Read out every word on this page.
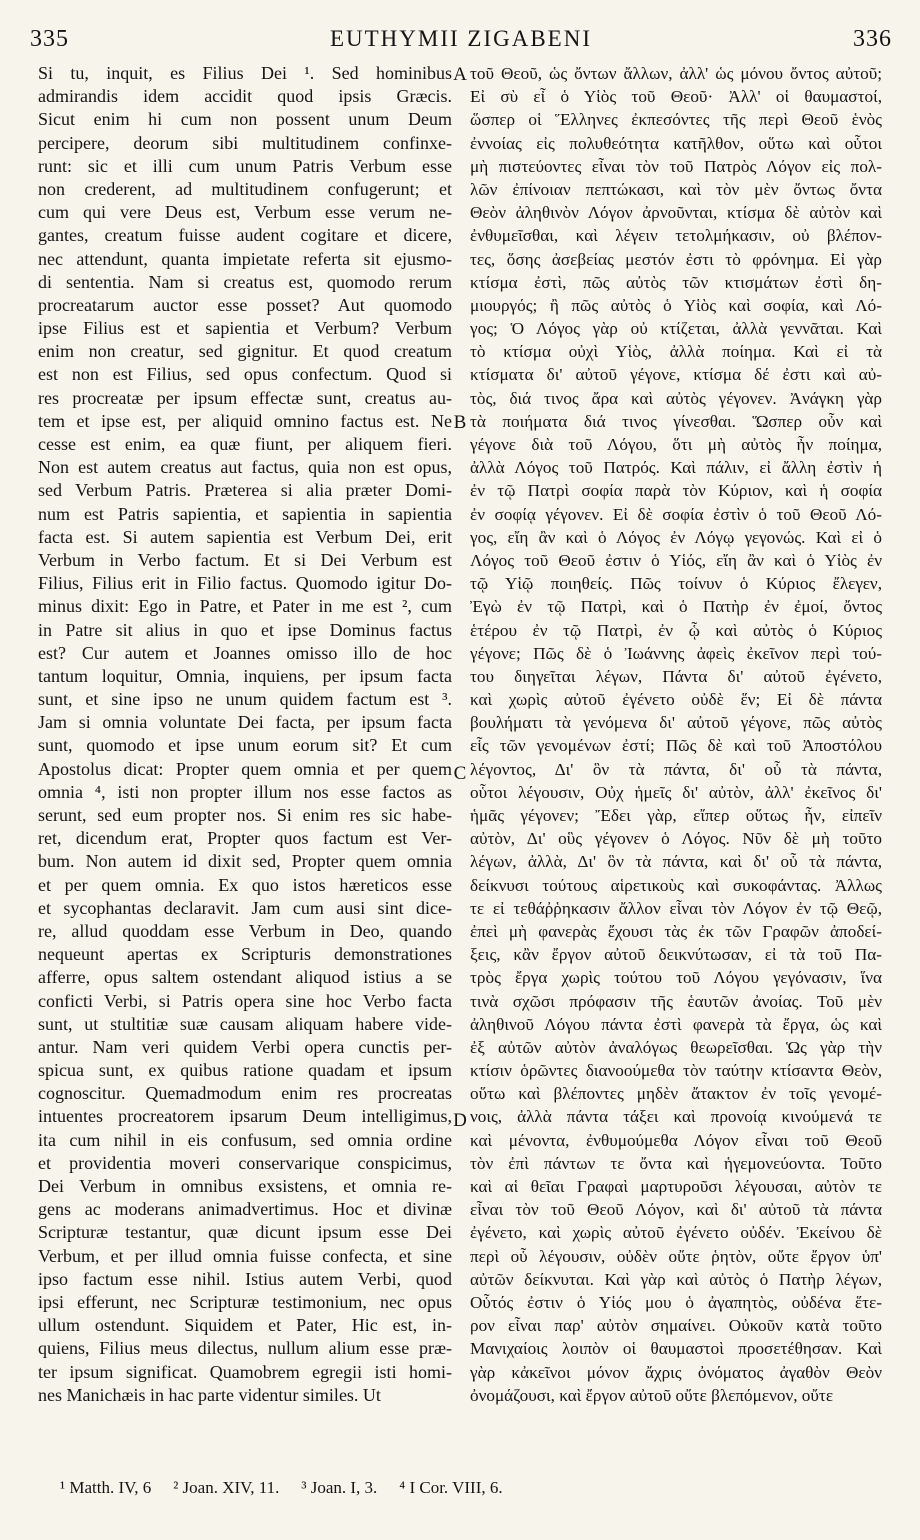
335	EUTHYMII ZIGABENI	336
Si tu, inquit, es Filius Dei ¹. Sed hominibus
admirandis idem accidit quod ipsis Græcis.
Sicut enim hi cum non possent unum Deum
percipere, deorum sibi multitudinem confinxe-
runt: sic et illi cum unum Patris Verbum esse
non crederent, ad multitudinem confugerunt; et
cum qui vere Deus est, Verbum esse verum ne-
gantes, creatum fuisse audent cogitare et dicere,
nec attendunt, quanta impietate referta sit ejusmo-
di sententia. Nam si creatus est, quomodo rerum
procreatarum auctor esse posset? Aut quomodo
ipse Filius est et sapientia et Verbum? Verbum
enim non creatur, sed gignitur. Et quod creatum
est non est Filius, sed opus confectum. Quod si
res procreatæ per ipsum effectæ sunt, creatus au-
tem et ipse est, per aliquid omnino factus est. Ne
cesse est enim, ea quæ fiunt, per aliquem fieri.
Non est autem creatus aut factus, quia non est opus,
sed Verbum Patris. Præterea si alia præter Domi-
num est Patris sapientia, et sapientia in sapientia
facta est. Si autem sapientia est Verbum Dei, erit
Verbum in Verbo factum. Et si Dei Verbum est
Filius, Filius erit in Filio factus. Quomodo igitur Do-
minus dixit: Ego in Patre, et Pater in me est ², cum
in Patre sit alius in quo et ipse Dominus factus
est? Cur autem et Joannes omisso illo de hoc
tantum loquitur, Omnia, inquiens, per ipsum facta
sunt, et sine ipso ne unum quidem factum est ³.
Jam si omnia voluntate Dei facta, per ipsum facta
sunt, quomodo et ipse unum eorum sit? Et cum
Apostolus dicat: Propter quem omnia et per quem
omnia ⁴, isti non propter illum nos esse factos as
serunt, sed eum propter nos. Si enim res sic habe-
ret, dicendum erat, Propter quos factum est Ver-
bum. Non autem id dixit sed, Propter quem omnia
et per quem omnia. Ex quo istos hæreticos esse
et sycophantas declaravit. Jam cum ausi sint dice-
re, allud quoddam esse Verbum in Deo, quando
nequeunt apertas ex Scripturis demonstrationes
afferre, opus saltem ostendant aliquod istius a se
conficti Verbi, si Patris opera sine hoc Verbo facta
sunt, ut stultitiæ suæ causam aliquam habere vide-
antur. Nam veri quidem Verbi opera cunctis per-
spicua sunt, ex quibus ratione quadam et ipsum
cognoscitur. Quemadmodum enim res procreatas
intuentes procreatorem ipsarum Deum intelligimus,
ita cum nihil in eis confusum, sed omnia ordine
et providentia moveri conservarique conspicimus,
Dei Verbum in omnibus exsistens, et omnia re-
gens ac moderans animadvertimus. Hoc et divinæ
Scripturæ testantur, quæ dicunt ipsum esse Dei
Verbum, et per illud omnia fuisse confecta, et sine
ipso factum esse nihil. Istius autem Verbi, quod
ipsi efferunt, nec Scripturæ testimonium, nec opus
ullum ostendunt. Siquidem et Pater, Hic est, in-
quiens, Filius meus dilectus, nullum alium esse præ-
ter ipsum significat. Quamobrem egregii isti homi-
nes Manichæis in hac parte videntur similes. Ut
τοῦ Θεοῦ, ὡς ὄντων ἄλλων, ἀλλ' ὡς μόνου ὄντος αὐτοῦ;
Εἰ σὺ εἶ ὁ Υἱὸς τοῦ Θεοῦ· Ἀλλ' οἱ θαυμαστοί,
ὥσπερ οἱ Ἕλληνες ἐκπεσόντες τῆς περὶ Θεοῦ ἑνὸς
ἐννοίας εἰς πολυθεότητα κατῆλθον, οὕτω καὶ οὗτοι
μὴ πιστεύοντες εἶναι τὸν τοῦ Πατρὸς Λόγον εἰς πολ-
λῶν ἐπίνοιαν πεπτώκασι, καὶ τὸν μὲν ὄντως ὄντα
Θεὸν ἀληθινὸν Λόγον ἀρνοῦνται, κτίσμα δὲ αὐτὸν καὶ
ἐνθυμεῖσθαι, καὶ λέγειν τετολμήκασιν, οὐ βλέπον-
τες, ὅσης ἀσεβείας μεστόν ἐστι τὸ φρόνημα. Εἰ γὰρ
κτίσμα ἐστὶ, πῶς αὐτὸς τῶν κτισμάτων ἐστὶ δη-
μιουργός; ἢ πῶς αὐτὸς ὁ Υἱὸς καὶ σοφία, καὶ Λό-
γος; Ὁ Λόγος γὰρ οὐ κτίζεται, ἀλλὰ γεννᾶται. Καὶ
τὸ κτίσμα οὐχὶ Υἱὸς, ἀλλὰ ποίημα. Καὶ εἰ τὰ
κτίσματα δι' αὐτοῦ γέγονε, κτίσμα δέ ἐστι καὶ αὐ-
τὸς, διά τινος ἄρα καὶ αὐτὸς γέγονεν. Ἀνάγκη γὰρ
τὰ ποιήματα διά τινος γίνεσθαι. Ὥσπερ οὖν καὶ
γέγονε διὰ τοῦ Λόγου, ὅτι μὴ αὐτὸς ἦν ποίημα,
ἀλλὰ Λόγος τοῦ Πατρός. Καὶ πάλιν, εἰ ἄλλη ἐστὶν ἡ
ἐν τῷ Πατρὶ σοφία παρὰ τὸν Κύριον, καὶ ἡ σοφία
ἐν σοφίᾳ γέγονεν. Εἰ δὲ σοφία ἐστὶν ὁ τοῦ Θεοῦ Λό-
γος, εἴη ἂν καὶ ὁ Λόγος ἐν Λόγῳ γεγονώς. Καὶ εἰ ὁ
Λόγος τοῦ Θεοῦ ἐστιν ὁ Υἱός, εἴη ἂν καὶ ὁ Υἱὸς ἐν
τῷ Υἱῷ ποιηθείς. Πῶς τοίνυν ὁ Κύριος ἔλεγεν,
Ἐγὼ ἐν τῷ Πατρὶ, καὶ ὁ Πατὴρ ἐν ἐμοί, ὄντος
ἑτέρου ἐν τῷ Πατρὶ, ἐν ᾧ καὶ αὐτὸς ὁ Κύριος
γέγονε; Πῶς δὲ ὁ Ἰωάννης ἀφεὶς ἐκεῖνον περὶ τού-
του διηγεῖται λέγων, Πάντα δι' αὐτοῦ ἐγένετο,
καὶ χωρὶς αὐτοῦ ἐγένετο οὐδὲ ἕν; Εἰ δὲ πάντα
βουλήματι τὰ γενόμενα δι' αὐτοῦ γέγονε, πῶς αὐτὸς
εἷς τῶν γενομένων ἐστί; Πῶς δὲ καὶ τοῦ Ἀποστόλου
λέγοντος, Δι' ὃν τὰ πάντα, δι' οὗ τὰ πάντα,
οὗτοι λέγουσιν, Οὐχ ἡμεῖς δι' αὐτὸν, ἀλλ' ἐκεῖνος δι'
ἡμᾶς γέγονεν; Ἔδει γὰρ, εἴπερ οὕτως ἦν, εἰπεῖν
αὐτὸν, Δι' οὓς γέγονεν ὁ Λόγος. Νῦν δὲ μὴ τοῦτο
λέγων, ἀλλὰ, Δι' ὃν τὰ πάντα, καὶ δι' οὗ τὰ πάντα,
δείκνυσι τούτους αἱρετικοὺς καὶ συκοφάντας. Ἀλλως
τε εἰ τεθάῤῥηκασιν ἄλλον εἶναι τὸν Λόγον ἐν τῷ Θεῷ,
ἐπεὶ μὴ φανερὰς ἔχουσι τὰς ἐκ τῶν Γραφῶν ἀποδεί-
ξεις, κἂν ἔργον αὐτοῦ δεικνύτωσαν, εἰ τὰ τοῦ Πα-
τρὸς ἔργα χωρὶς τούτου τοῦ Λόγου γεγόνασιν, ἵνα
τινὰ σχῶσι πρόφασιν τῆς ἑαυτῶν ἀνοίας. Τοῦ μὲν
ἀληθινοῦ Λόγου πάντα ἐστὶ φανερὰ τὰ ἔργα, ὡς καὶ
ἐξ αὐτῶν αὐτὸν ἀναλόγως θεωρεῖσθαι. Ὡς γὰρ τὴν
κτίσιν ὁρῶντες διανοούμεθα τὸν ταύτην κτίσαντα Θεὸν,
οὕτω καὶ βλέποντες μηδὲν ἄτακτον ἐν τοῖς γενομέ-
νοις, ἀλλὰ πάντα τάξει καὶ προνοίᾳ κινούμενά τε
καὶ μένοντα, ἐνθυμούμεθα Λόγον εἶναι τοῦ Θεοῦ
τὸν ἐπὶ πάντων τε ὄντα καὶ ἡγεμονεύοντα. Τοῦτο
καὶ αἱ θεῖαι Γραφαὶ μαρτυροῦσι λέγουσαι, αὐτὸν τε
εἶναι τὸν τοῦ Θεοῦ Λόγον, καὶ δι' αὐτοῦ τὰ πάντα
ἐγένετο, καὶ χωρὶς αὐτοῦ ἐγένετο οὐδέν. Ἐκείνου δὲ
περὶ οὗ λέγουσιν, οὐδὲν οὔτε ῥητὸν, οὔτε ἔργον ὑπ'
αὐτῶν δείκνυται. Καὶ γὰρ καὶ αὐτὸς ὁ Πατὴρ λέγων,
Οὗτός ἐστιν ὁ Υἱός μου ὁ ἀγαπητὸς, οὐδένα ἕτε-
ρον εἶναι παρ' αὐτὸν σημαίνει. Οὐκοῦν κατὰ τοῦτο
Μανιχαίοις λοιπὸν οἱ θαυμαστοὶ προσετέθησαν. Καὶ
γὰρ κἀκεῖνοι μόνον ἄχρις ὀνόματος ἀγαθὸν Θεὸν
ὀνομάζουσι, καὶ ἔργον αὐτοῦ οὔτε βλεπόμενον, οὔτε
A
B
C
D
¹ Matth. IV, 6 ² Joan. XIV, 11. ³ Joan. I, 3. ⁴ I Cor. VIII, 6.
